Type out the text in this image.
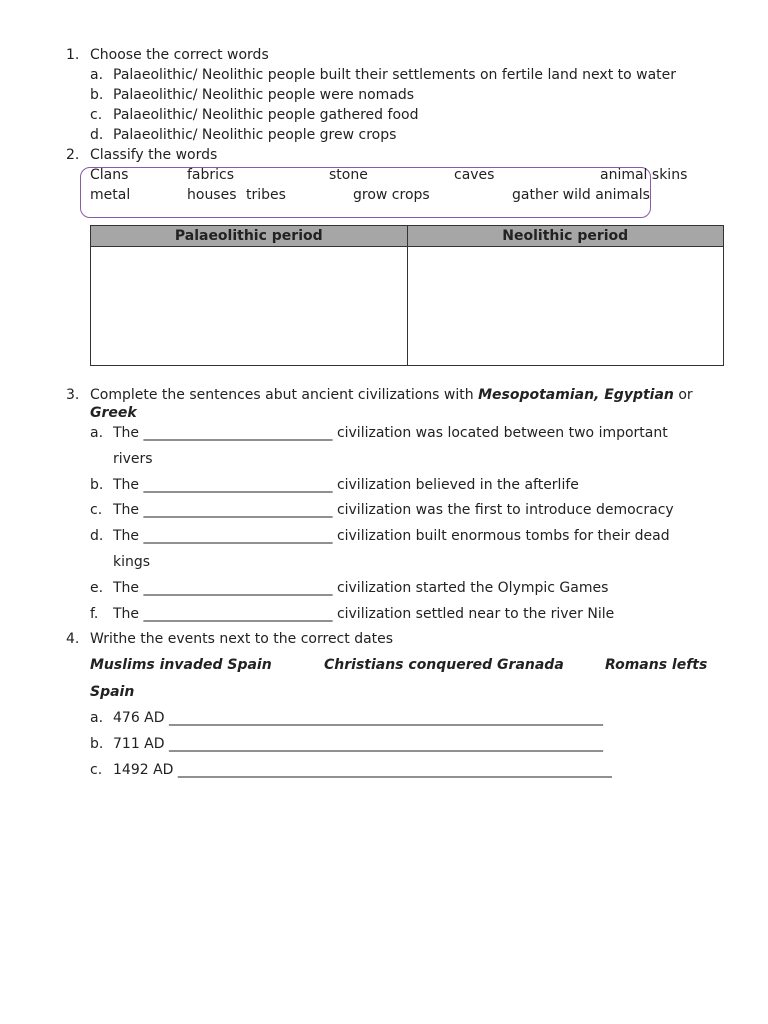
1. Choose the correct words
a. Palaeolithic/ Neolithic people built their settlements on fertile land next to water
b. Palaeolithic/ Neolithic people were nomads
c. Palaeolithic/ Neolithic people gathered food
d. Palaeolithic/ Neolithic people grew crops
2. Classify the words
Clans	fabrics	stone	caves	animal skins
metal	houses tribes	grow crops	gather wild animals
Palaeolithic period	Neolithic period

3. Complete the sentences abut ancient civilizations with Mesopotamian, Egyptian or
Greek
a. The ___________________________ civilization was located between two important
rivers
b. The ___________________________ civilization believed in the afterlife
c. The ___________________________ civilization was the first to introduce democracy
d. The ___________________________ civilization built enormous tombs for their dead
kings
e. The ___________________________ civilization started the Olympic Games
f. The ___________________________ civilization settled near to the river Nile
4. Writhe the events next to the correct dates
Muslims invaded Spain	Christians conquered Granada	Romans lefts
Spain
a. 476 AD ______________________________________________________________
b. 711 AD ______________________________________________________________
c. 1492 AD ______________________________________________________________
